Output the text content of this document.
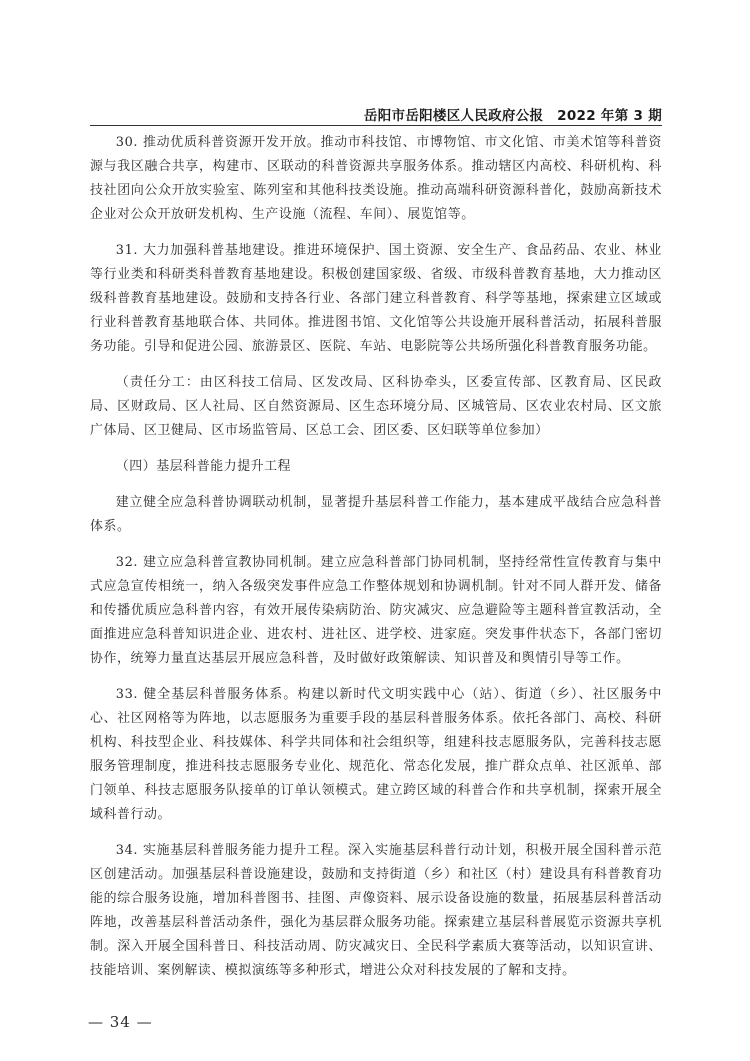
岳阳市岳阳楼区人民政府公报　2022 年第 3 期

30. 推动优质科普资源开发开放。推动市科技馆、市博物馆、市文化馆、市美术馆等科普资源与我区融合共享，构建市、区联动的科普资源共享服务体系。推动辖区内高校、科研机构、科技社团向公众开放实验室、陈列室和其他科技类设施。推动高端科研资源科普化，鼓励高新技术企业对公众开放研发机构、生产设施（流程、车间）、展览馆等。

31. 大力加强科普基地建设。推进环境保护、国土资源、安全生产、食品药品、农业、林业等行业类和科研类科普教育基地建设。积极创建国家级、省级、市级科普教育基地，大力推动区级科普教育基地建设。鼓励和支持各行业、各部门建立科普教育、科学等基地，探索建立区域或行业科普教育基地联合体、共同体。推进图书馆、文化馆等公共设施开展科普活动，拓展科普服务功能。引导和促进公园、旅游景区、医院、车站、电影院等公共场所强化科普教育服务功能。

（责任分工：由区科技工信局、区发改局、区科协牵头，区委宣传部、区教育局、区民政局、区财政局、区人社局、区自然资源局、区生态环境分局、区城管局、区农业农村局、区文旅广体局、区卫健局、区市场监管局、区总工会、团区委、区妇联等单位参加）

（四）基层科普能力提升工程

建立健全应急科普协调联动机制，显著提升基层科普工作能力，基本建成平战结合应急科普体系。

32. 建立应急科普宣教协同机制。建立应急科普部门协同机制，坚持经常性宣传教育与集中式应急宣传相统一，纳入各级突发事件应急工作整体规划和协调机制。针对不同人群开发、储备和传播优质应急科普内容，有效开展传染病防治、防灾减灾、应急避险等主题科普宣教活动，全面推进应急科普知识进企业、进农村、进社区、进学校、进家庭。突发事件状态下，各部门密切协作，统筹力量直达基层开展应急科普，及时做好政策解读、知识普及和舆情引导等工作。

33. 健全基层科普服务体系。构建以新时代文明实践中心（站）、街道（乡）、社区服务中心、社区网格等为阵地，以志愿服务为重要手段的基层科普服务体系。依托各部门、高校、科研机构、科技型企业、科技媒体、科学共同体和社会组织等，组建科技志愿服务队，完善科技志愿服务管理制度，推进科技志愿服务专业化、规范化、常态化发展，推广群众点单、社区派单、部门领单、科技志愿服务队接单的订单认领模式。建立跨区域的科普合作和共享机制，探索开展全域科普行动。

34. 实施基层科普服务能力提升工程。深入实施基层科普行动计划，积极开展全国科普示范区创建活动。加强基层科普设施建设，鼓励和支持街道（乡）和社区（村）建设具有科普教育功能的综合服务设施，增加科普图书、挂图、声像资料、展示设备设施的数量，拓展基层科普活动阵地，改善基层科普活动条件，强化为基层群众服务功能。探索建立基层科普展览示资源共享机制。深入开展全国科普日、科技活动周、防灾减灾日、全民科学素质大赛等活动，以知识宣讲、技能培训、案例解读、模拟演练等多种形式，增进公众对科技发展的了解和支持。

— 34 —
